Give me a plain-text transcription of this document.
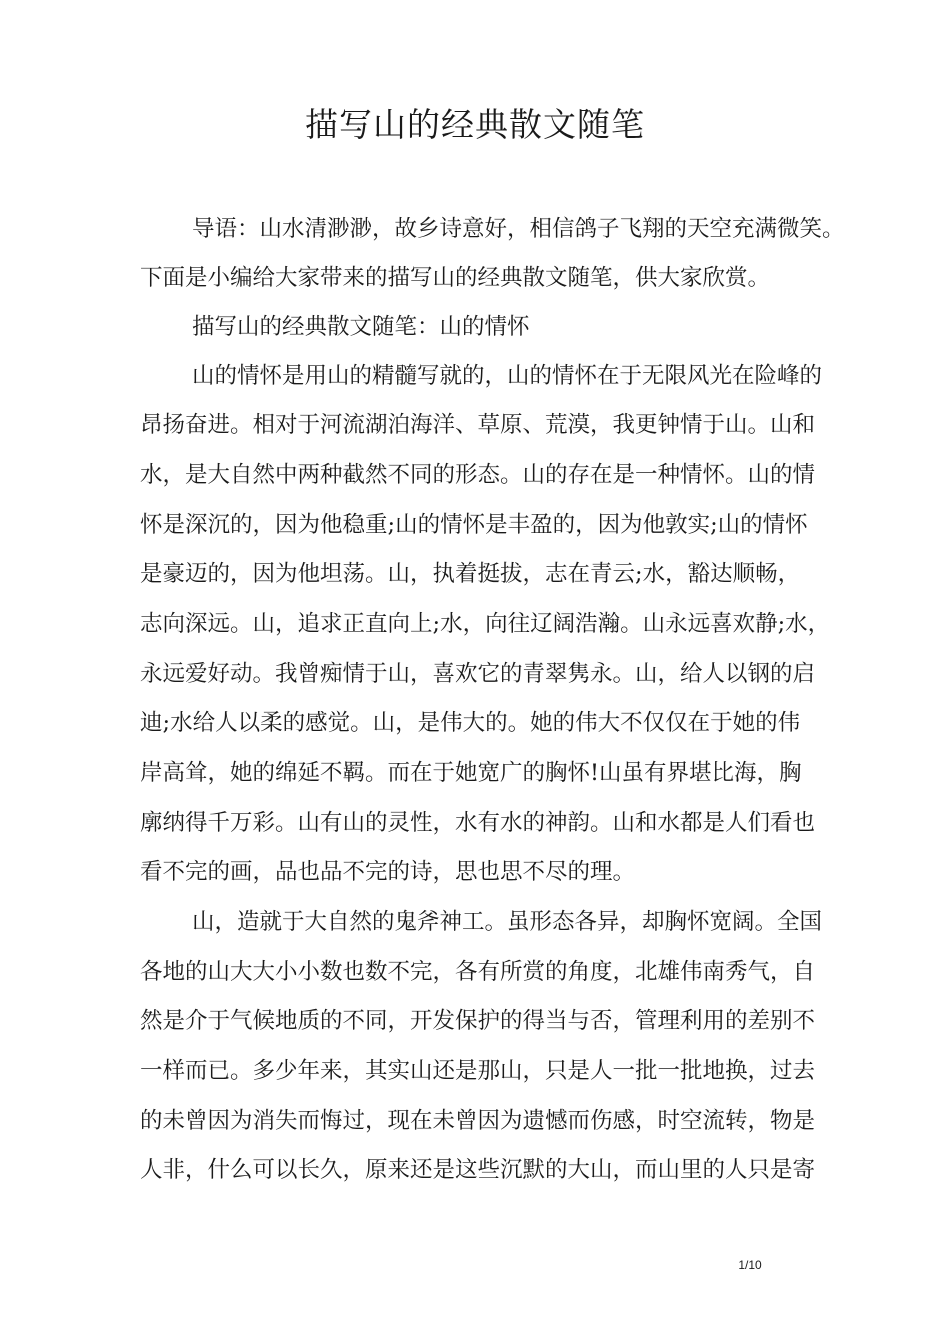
描写山的经典散文随笔

导语：山水清渺渺，故乡诗意好，相信鸽子飞翔的天空充满微笑。

下面是小编给大家带来的描写山的经典散文随笔，供大家欣赏。

描写山的经典散文随笔：山的情怀

山的情怀是用山的精髓写就的，山的情怀在于无限风光在险峰的

昂扬奋进。相对于河流湖泊海洋、草原、荒漠，我更钟情于山。山和

水，是大自然中两种截然不同的形态。山的存在是一种情怀。山的情

怀是深沉的，因为他稳重;山的情怀是丰盈的，因为他敦实;山的情怀

是豪迈的，因为他坦荡。山，执着挺拔，志在青云;水，豁达顺畅，

志向深远。山，追求正直向上;水，向往辽阔浩瀚。山永远喜欢静;水，

永远爱好动。我曾痴情于山，喜欢它的青翠隽永。山，给人以钢的启

迪;水给人以柔的感觉。山，是伟大的。她的伟大不仅仅在于她的伟

岸高耸，她的绵延不羁。而在于她宽广的胸怀!山虽有界堪比海，胸

廓纳得千万彩。山有山的灵性，水有水的神韵。山和水都是人们看也

看不完的画，品也品不完的诗，思也思不尽的理。

山，造就于大自然的鬼斧神工。虽形态各异，却胸怀宽阔。全国

各地的山大大小小数也数不完，各有所赏的角度，北雄伟南秀气，自

然是介于气候地质的不同，开发保护的得当与否，管理利用的差别不

一样而已。多少年来，其实山还是那山，只是人一批一批地换，过去

的未曾因为消失而悔过，现在未曾因为遗憾而伤感，时空流转，物是

人非，什么可以长久，原来还是这些沉默的大山，而山里的人只是寄

1/10
